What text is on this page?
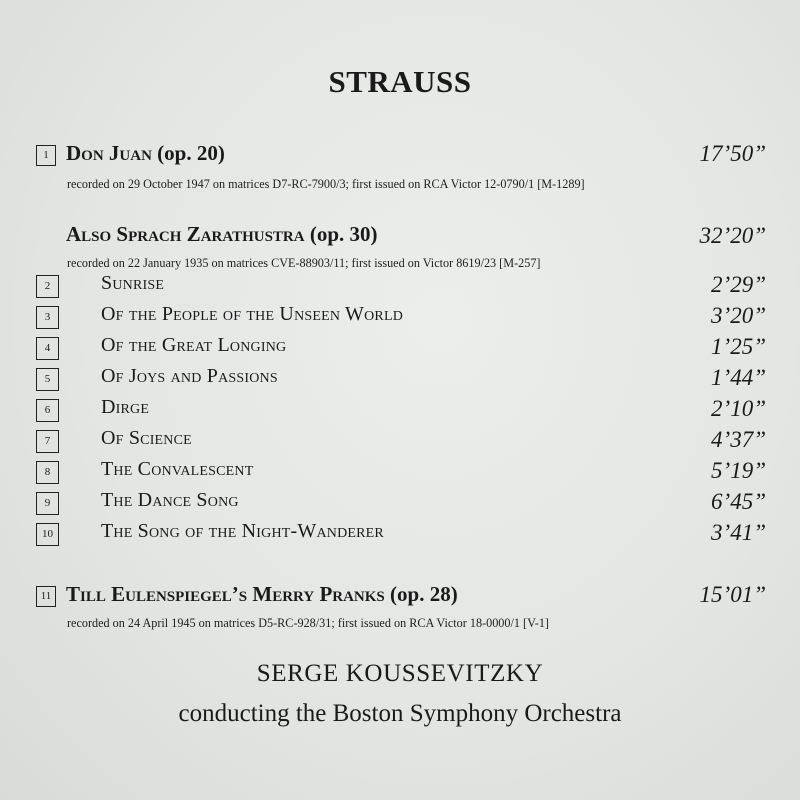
STRAUSS
1 Don Juan (op. 20)	17’50”
recorded on 29 October 1947 on matrices D7-RC-7900/3; first issued on RCA Victor 12-0790/1 [M-1289]
Also Sprach Zarathustra (op. 30)	32’20”
recorded on 22 January 1935 on matrices CVE-88903/11; first issued on Victor 8619/23 [M-257]
2	Sunrise	2’29”
3	Of the People of the Unseen World	3’20”
4	Of the Great Longing	1’25”
5	Of Joys and Passions	1’44”
6	Dirge	2’10”
7	Of Science	4’37”
8	The Convalescent	5’19”
9	The Dance Song	6’45”
10	The Song of the Night-Wanderer	3’41”
11 Till Eulenspiegel’s Merry Pranks (op. 28)	15’01”
recorded on 24 April 1945 on matrices D5-RC-928/31; first issued on RCA Victor 18-0000/1 [V-1]
SERGE KOUSSEVITZKY
conducting the Boston Symphony Orchestra
